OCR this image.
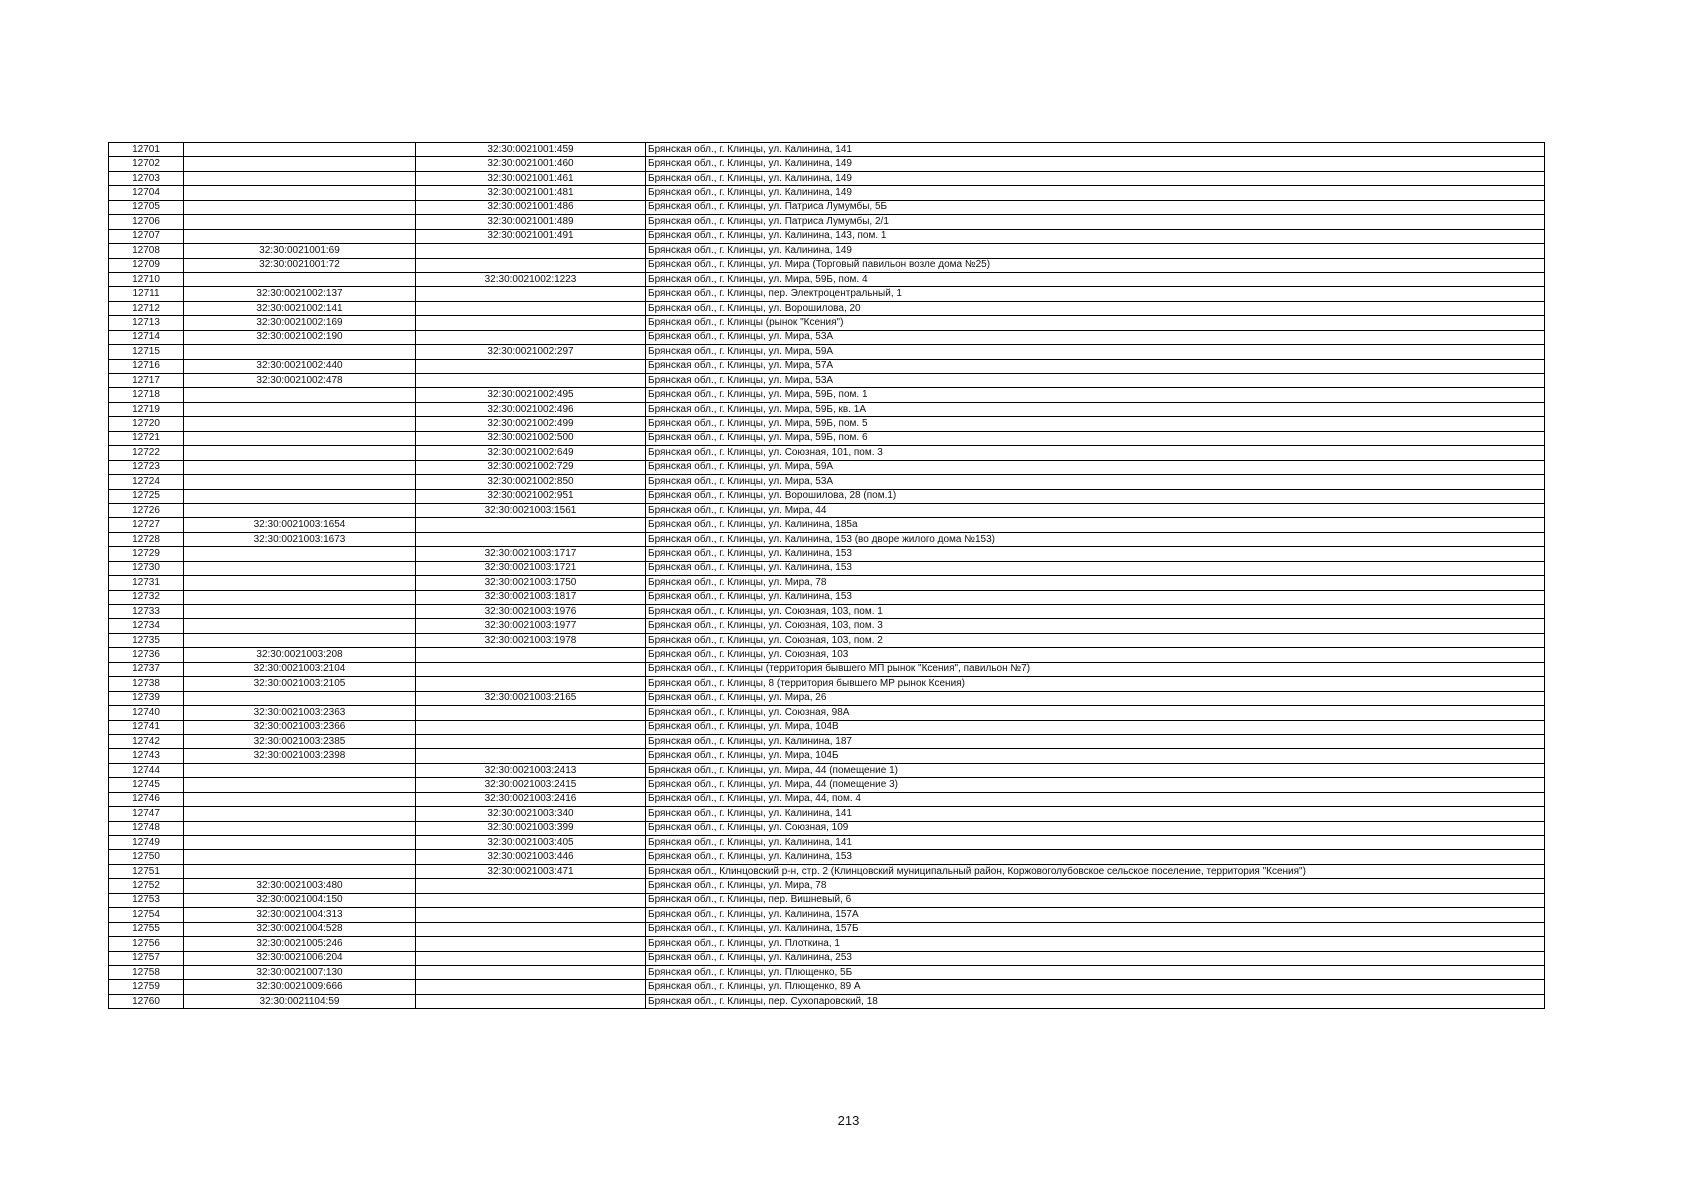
12701		32:30:0021001:459	Брянская обл., г. Клинцы, ул. Калинина, 141
12702		32:30:0021001:460	Брянская обл., г. Клинцы, ул. Калинина, 149
12703		32:30:0021001:461	Брянская обл., г. Клинцы, ул. Калинина, 149
12704		32:30:0021001:481	Брянская обл., г. Клинцы, ул. Калинина, 149
12705		32:30:0021001:486	Брянская обл., г. Клинцы, ул. Патриса Лумумбы, 5Б
12706		32:30:0021001:489	Брянская обл., г. Клинцы, ул. Патриса Лумумбы, 2/1
12707		32:30:0021001:491	Брянская обл., г. Клинцы, ул. Калинина, 143, пом. 1
12708	32:30:0021001:69		Брянская обл., г. Клинцы, ул. Калинина, 149
12709	32:30:0021001:72		Брянская обл., г. Клинцы, ул. Мира (Торговый павильон возле дома №25)
12710		32:30:0021002:1223	Брянская обл., г. Клинцы, ул. Мира, 59Б, пом. 4
12711	32:30:0021002:137		Брянская обл., г. Клинцы, пер. Электроцентральный, 1
12712	32:30:0021002:141		Брянская обл., г. Клинцы, ул. Ворошилова, 20
12713	32:30:0021002:169		Брянская обл., г. Клинцы (рынок "Ксения")
12714	32:30:0021002:190		Брянская обл., г. Клинцы, ул. Мира, 53А
12715		32:30:0021002:297	Брянская обл., г. Клинцы, ул. Мира, 59А
12716	32:30:0021002:440		Брянская обл., г. Клинцы, ул. Мира, 57А
12717	32:30:0021002:478		Брянская обл., г. Клинцы, ул. Мира, 53А
12718		32:30:0021002:495	Брянская обл., г. Клинцы, ул. Мира, 59Б, пом. 1
12719		32:30:0021002:496	Брянская обл., г. Клинцы, ул. Мира, 59Б, кв. 1А
12720		32:30:0021002:499	Брянская обл., г. Клинцы, ул. Мира, 59Б, пом. 5
12721		32:30:0021002:500	Брянская обл., г. Клинцы, ул. Мира, 59Б, пом. 6
12722		32:30:0021002:649	Брянская обл., г. Клинцы, ул. Союзная, 101, пом. 3
12723		32:30:0021002:729	Брянская обл., г. Клинцы, ул. Мира, 59А
12724		32:30:0021002:850	Брянская обл., г. Клинцы, ул. Мира, 53А
12725		32:30:0021002:951	Брянская обл., г. Клинцы, ул. Ворошилова, 28 (пом.1)
12726		32:30:0021003:1561	Брянская обл., г. Клинцы, ул. Мира, 44
12727	32:30:0021003:1654		Брянская обл., г. Клинцы, ул. Калинина, 185а
12728	32:30:0021003:1673		Брянская обл., г. Клинцы, ул. Калинина, 153 (во дворе жилого дома №153)
12729		32:30:0021003:1717	Брянская обл., г. Клинцы, ул. Калинина, 153
12730		32:30:0021003:1721	Брянская обл., г. Клинцы, ул. Калинина, 153
12731		32:30:0021003:1750	Брянская обл., г. Клинцы, ул. Мира, 78
12732		32:30:0021003:1817	Брянская обл., г. Клинцы, ул. Калинина, 153
12733		32:30:0021003:1976	Брянская обл., г. Клинцы, ул. Союзная, 103, пом. 1
12734		32:30:0021003:1977	Брянская обл., г. Клинцы, ул. Союзная, 103, пом. 3
12735		32:30:0021003:1978	Брянская обл., г. Клинцы, ул. Союзная, 103, пом. 2
12736	32:30:0021003:208		Брянская обл., г. Клинцы, ул. Союзная, 103
12737	32:30:0021003:2104		Брянская обл., г. Клинцы (территория бывшего МП рынок "Ксения", павильон №7)
12738	32:30:0021003:2105		Брянская обл., г. Клинцы, 8 (территория бывшего МР рынок Ксения)
12739		32:30:0021003:2165	Брянская обл., г. Клинцы, ул. Мира, 26
12740	32:30:0021003:2363		Брянская обл., г. Клинцы, ул. Союзная, 98А
12741	32:30:0021003:2366		Брянская обл., г. Клинцы, ул. Мира, 104В
12742	32:30:0021003:2385		Брянская обл., г. Клинцы, ул. Калинина, 187
12743	32:30:0021003:2398		Брянская обл., г. Клинцы, ул. Мира, 104Б
12744		32:30:0021003:2413	Брянская обл., г. Клинцы, ул. Мира, 44 (помещение 1)
12745		32:30:0021003:2415	Брянская обл., г. Клинцы, ул. Мира, 44 (помещение 3)
12746		32:30:0021003:2416	Брянская обл., г. Клинцы, ул. Мира, 44, пом. 4
12747		32:30:0021003:340	Брянская обл., г. Клинцы, ул. Калинина, 141
12748		32:30:0021003:399	Брянская обл., г. Клинцы, ул. Союзная, 109
12749		32:30:0021003:405	Брянская обл., г. Клинцы, ул. Калинина, 141
12750		32:30:0021003:446	Брянская обл., г. Клинцы, ул. Калинина, 153
12751		32:30:0021003:471	Брянская обл., Клинцовский р-н, стр. 2 (Клинцовский муниципальный район, Коржовоголубовское сельское поселение, территория "Ксения")
12752	32:30:0021003:480		Брянская обл., г. Клинцы, ул. Мира, 78
12753	32:30:0021004:150		Брянская обл., г. Клинцы, пер. Вишневый, 6
12754	32:30:0021004:313		Брянская обл., г. Клинцы, ул. Калинина, 157А
12755	32:30:0021004:528		Брянская обл., г. Клинцы, ул. Калинина, 157Б
12756	32:30:0021005:246		Брянская обл., г. Клинцы, ул. Плоткина, 1
12757	32:30:0021006:204		Брянская обл., г. Клинцы, ул. Калинина, 253
12758	32:30:0021007:130		Брянская обл., г. Клинцы, ул. Плющенко, 5Б
12759	32:30:0021009:666		Брянская обл., г. Клинцы, ул. Плющенко, 89 А
12760	32:30:0021104:59		Брянская обл., г. Клинцы, пер. Сухопаровский, 18
213
